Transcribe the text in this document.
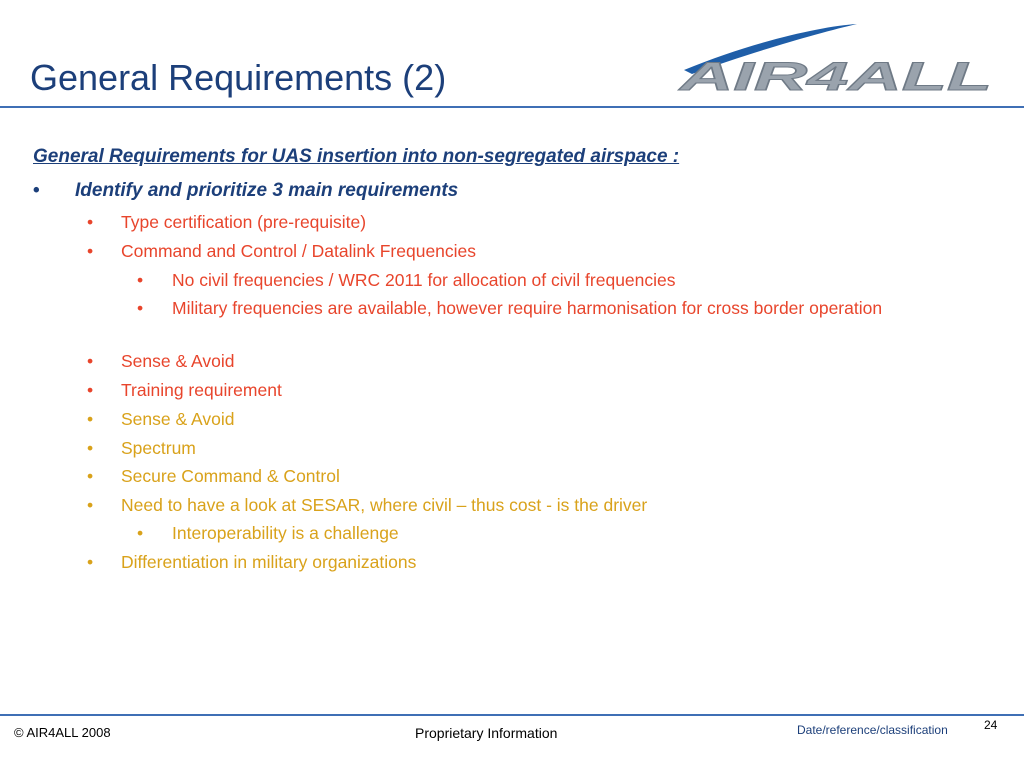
General Requirements (2)	AIR4ALL
General Requirements for UAS insertion into non-segregated airspace :
• Identify and prioritize 3 main requirements
• Type certification (pre-requisite)
• Command and Control / Datalink Frequencies
• No civil frequencies / WRC 2011 for allocation of civil frequencies
• Military frequencies are available, however require harmonisation for cross border operation
• Sense & Avoid
• Training requirement
• Sense & Avoid
• Spectrum
• Secure Command & Control
• Need to have a look at SESAR, where civil – thus cost - is the driver
• Interoperability is a challenge
• Differentiation in military organizations
© AIR4ALL 2008	Proprietary Information	Date/reference/classification	24
